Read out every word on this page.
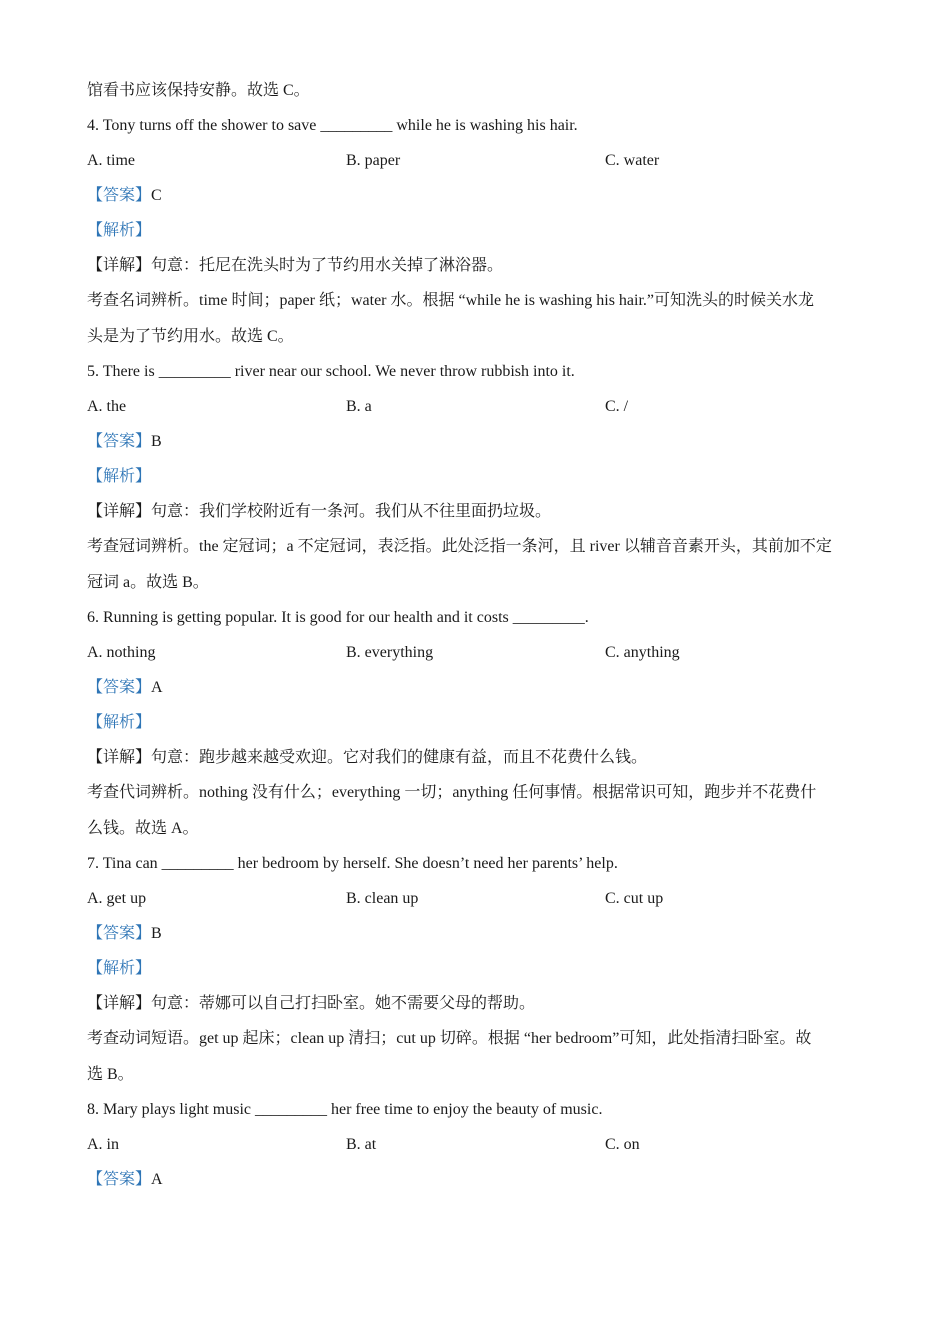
馆看书应该保持安静。故选 C。
4. Tony turns off the shower to save _________ while he is washing his hair.
A. time	B. paper	C. water
【答案】C
【解析】
【详解】句意：托尼在洗头时为了节约用水关掉了淋浴器。
考查名词辨析。time 时间；paper 纸；water 水。根据 “while he is washing his hair.”可知洗头的时候关水龙
头是为了节约用水。故选 C。
5. There is _________ river near our school. We never throw rubbish into it.
A. the	B. a	C. /
【答案】B
【解析】
【详解】句意：我们学校附近有一条河。我们从不往里面扔垃圾。
考查冠词辨析。the 定冠词；a 不定冠词，表泛指。此处泛指一条河，且 river 以辅音音素开头，其前加不定
冠词 a。故选 B。
6. Running is getting popular. It is good for our health and it costs _________.
A. nothing	B. everything	C. anything
【答案】A
【解析】
【详解】句意：跑步越来越受欢迎。它对我们的健康有益，而且不花费什么钱。
考查代词辨析。nothing 没有什么；everything 一切；anything 任何事情。根据常识可知，跑步并不花费什
么钱。故选 A。
7. Tina can _________ her bedroom by herself. She doesn’t need her parents’ help.
A. get up	B. clean up	C. cut up
【答案】B
【解析】
【详解】句意：蒂娜可以自己打扫卧室。她不需要父母的帮助。
考查动词短语。get up 起床；clean up 清扫；cut up 切碎。根据 “her bedroom”可知，此处指清扫卧室。故
选 B。
8. Mary plays light music _________ her free time to enjoy the beauty of music.
A. in	B. at	C. on
【答案】A
